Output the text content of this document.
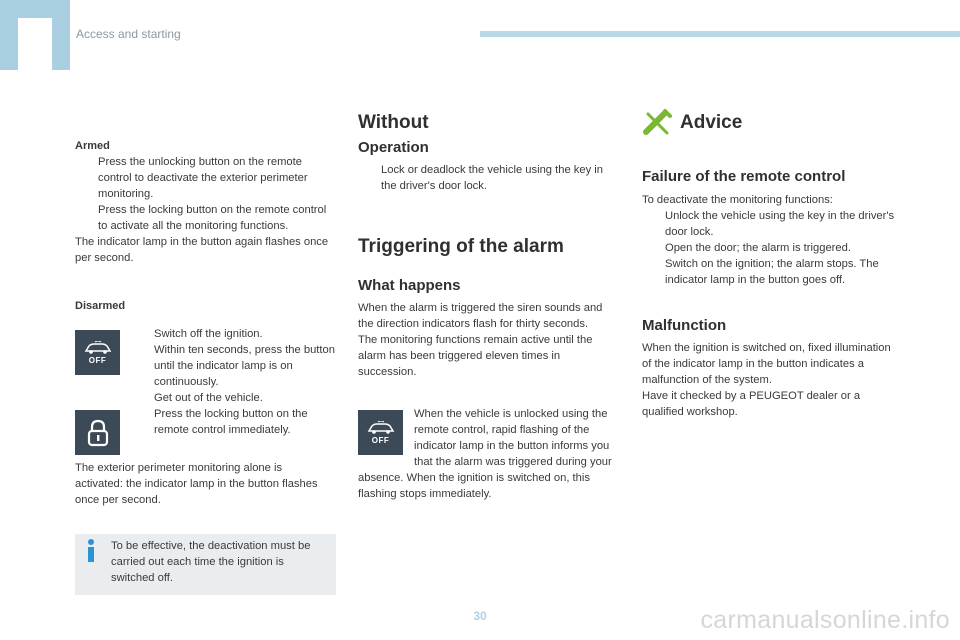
Access and starting

Armed

Press the unlocking button on the remote control to deactivate the exterior perimeter monitoring.
Press the locking button on the remote control to activate all the monitoring functions.

The indicator lamp in the button again flashes once per second.

Disarmed
OFF
Switch off the ignition.
Within ten seconds, press the button until the indicator lamp is on continuously.
Get out of the vehicle.
Press the locking button on the remote control immediately.
The exterior perimeter monitoring alone is activated: the indicator lamp in the button flashes once per second.
To be effective, the deactivation must be carried out each time the ignition is switched off.
Without
Operation
Lock or deadlock the vehicle using the key in the driver's door lock.
Triggering of the alarm
What happens

When the alarm is triggered the siren sounds and the direction indicators flash for thirty seconds.

The monitoring functions remain active until the alarm has been triggered eleven times in succession.

OFF
When the vehicle is unlocked using the remote control, rapid flashing of the indicator lamp in the button informs you that the alarm was triggered during your absence. When the ignition is switched on, this flashing stops immediately.
Advice
Failure of the remote control

To deactivate the monitoring functions:

Unlock the vehicle using the key in the driver's door lock.
Open the door; the alarm is triggered.
Switch on the ignition; the alarm stops. The indicator lamp in the button goes off.
Malfunction

When the ignition is switched on, fixed illumination of the indicator lamp in the button indicates a malfunction of the system.

Have it checked by a PEUGEOT dealer or a qualified workshop.

30	carmanualsonline.info
